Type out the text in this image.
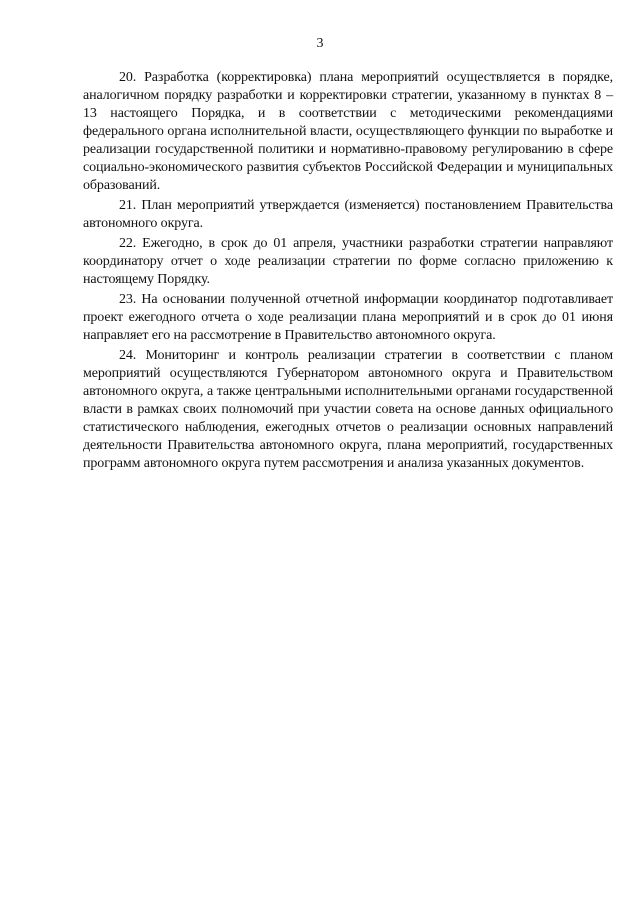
3

20. Разработка (корректировка) плана мероприятий осуществляется в порядке, аналогичном порядку разработки и корректировки стратегии, указанному в пунктах 8 – 13 настоящего Порядка, и в соответствии с методическими рекомендациями федерального органа исполнительной власти, осуществляющего функции по выработке и реализации государственной политики и нормативно-правовому регулированию в сфере социально-экономического развития субъектов Российской Федерации и муниципальных образований.

21. План мероприятий утверждается (изменяется) постановлением Правительства автономного округа.

22. Ежегодно, в срок до 01 апреля, участники разработки стратегии направляют координатору отчет о ходе реализации стратегии по форме согласно приложению к настоящему Порядку.

23. На основании полученной отчетной информации координатор подготавливает проект ежегодного отчета о ходе реализации плана мероприятий и в срок до 01 июня направляет его на рассмотрение в Правительство автономного округа.

24. Мониторинг и контроль реализации стратегии в соответствии с планом мероприятий осуществляются Губернатором автономного округа и Правительством автономного округа, а также центральными исполнительными органами государственной власти в рамках своих полномочий при участии совета на основе данных официального статистического наблюдения, ежегодных отчетов о реализации основных направлений деятельности Правительства автономного округа, плана мероприятий, государственных программ автономного округа путем рассмотрения и анализа указанных документов.
